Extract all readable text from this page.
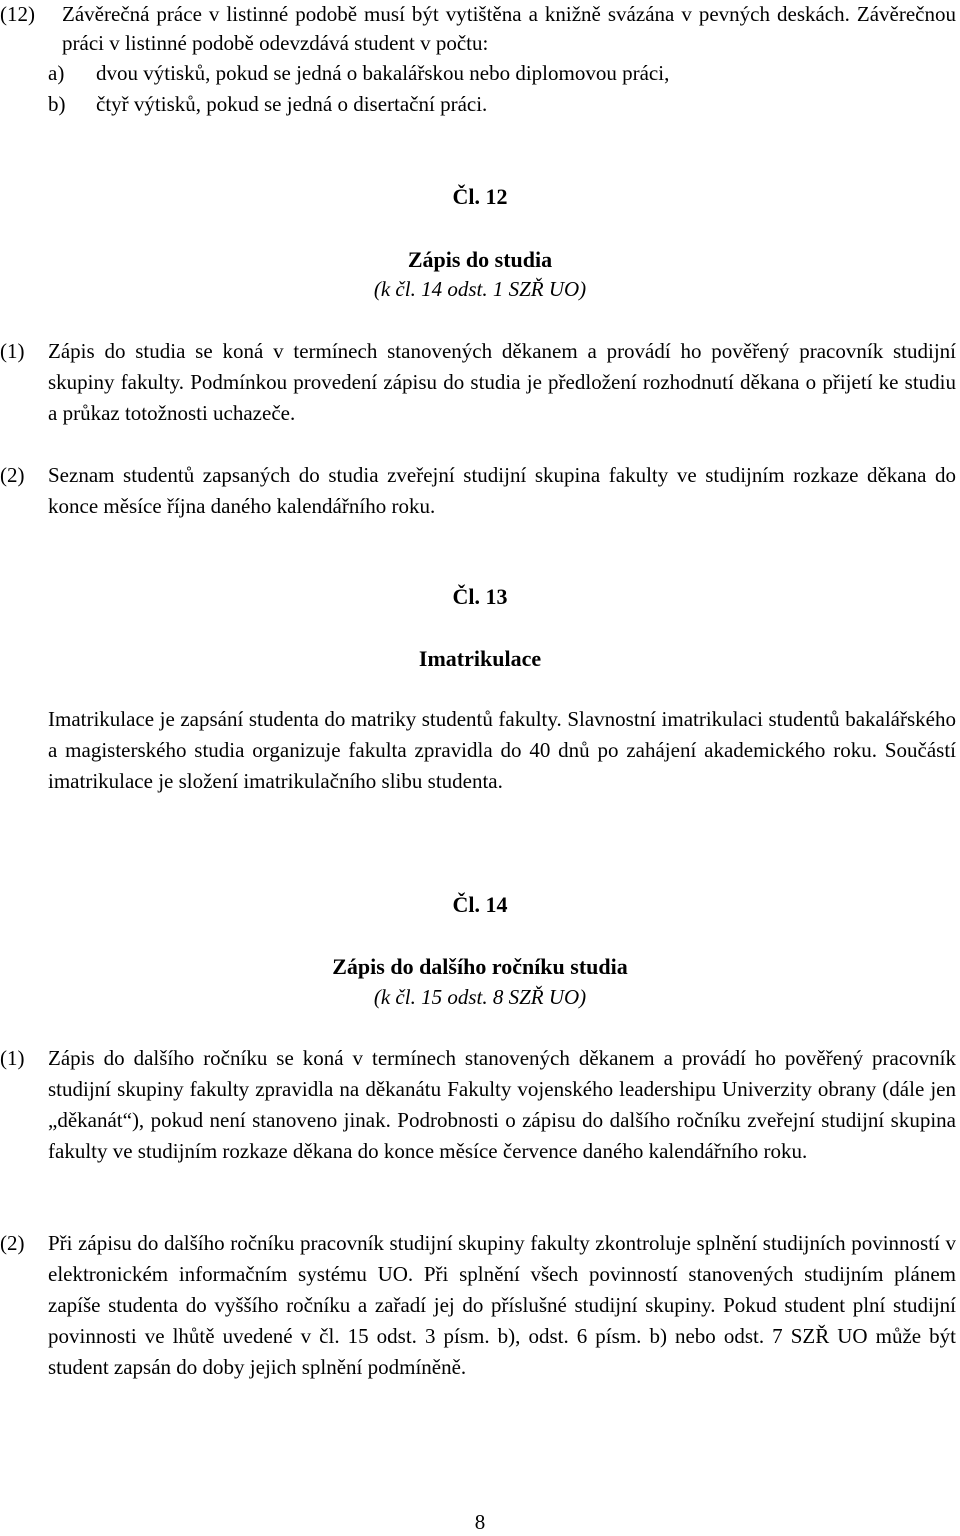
(12) Závěrečná práce v listinné podobě musí být vytištěna a knižně svázána v pevných deskách. Závěrečnou práci v listinné podobě odevzdává student v počtu:
a) dvou výtisků, pokud se jedná o bakalářskou nebo diplomovou práci,
b) čtyř výtisků, pokud se jedná o disertační práci.
Čl. 12
Zápis do studia
(k čl. 14 odst. 1 SZŘ UO)
(1) Zápis do studia se koná v termínech stanovených děkanem a provádí ho pověřený pracovník studijní skupiny fakulty. Podmínkou provedení zápisu do studia je předložení rozhodnutí děkana o přijetí ke studiu a průkaz totožnosti uchazeče.
(2) Seznam studentů zapsaných do studia zveřejní studijní skupina fakulty ve studijním rozkaze děkana do konce měsíce října daného kalendářního roku.
Čl. 13
Imatrikulace
Imatrikulace je zapsání studenta do matriky studentů fakulty. Slavnostní imatrikulaci studentů bakalářského a magisterského studia organizuje fakulta zpravidla do 40 dnů po zahájení akademického roku. Součástí imatrikulace je složení imatrikulačního slibu studenta.
Čl. 14
Zápis do dalšího ročníku studia
(k čl. 15 odst. 8 SZŘ UO)
(1) Zápis do dalšího ročníku se koná v termínech stanovených děkanem a provádí ho pověřený pracovník studijní skupiny fakulty zpravidla na děkanátu Fakulty vojenského leadershipu Univerzity obrany (dále jen „děkanát“), pokud není stanoveno jinak. Podrobnosti o zápisu do dalšího ročníku zveřejní studijní skupina fakulty ve studijním rozkaze děkana do konce měsíce července daného kalendářního roku.
(2) Při zápisu do dalšího ročníku pracovník studijní skupiny fakulty zkontroluje splnění studijních povinností v elektronickém informačním systému UO. Při splnění všech povinností stanovených studijním plánem zapíše studenta do vyššího ročníku a zařadí jej do příslušné studijní skupiny. Pokud student plní studijní povinnosti ve lhůtě uvedené v čl. 15 odst. 3 písm. b), odst. 6 písm. b) nebo odst. 7 SZŘ UO může být student zapsán do doby jejich splnění podmíněně.
8
